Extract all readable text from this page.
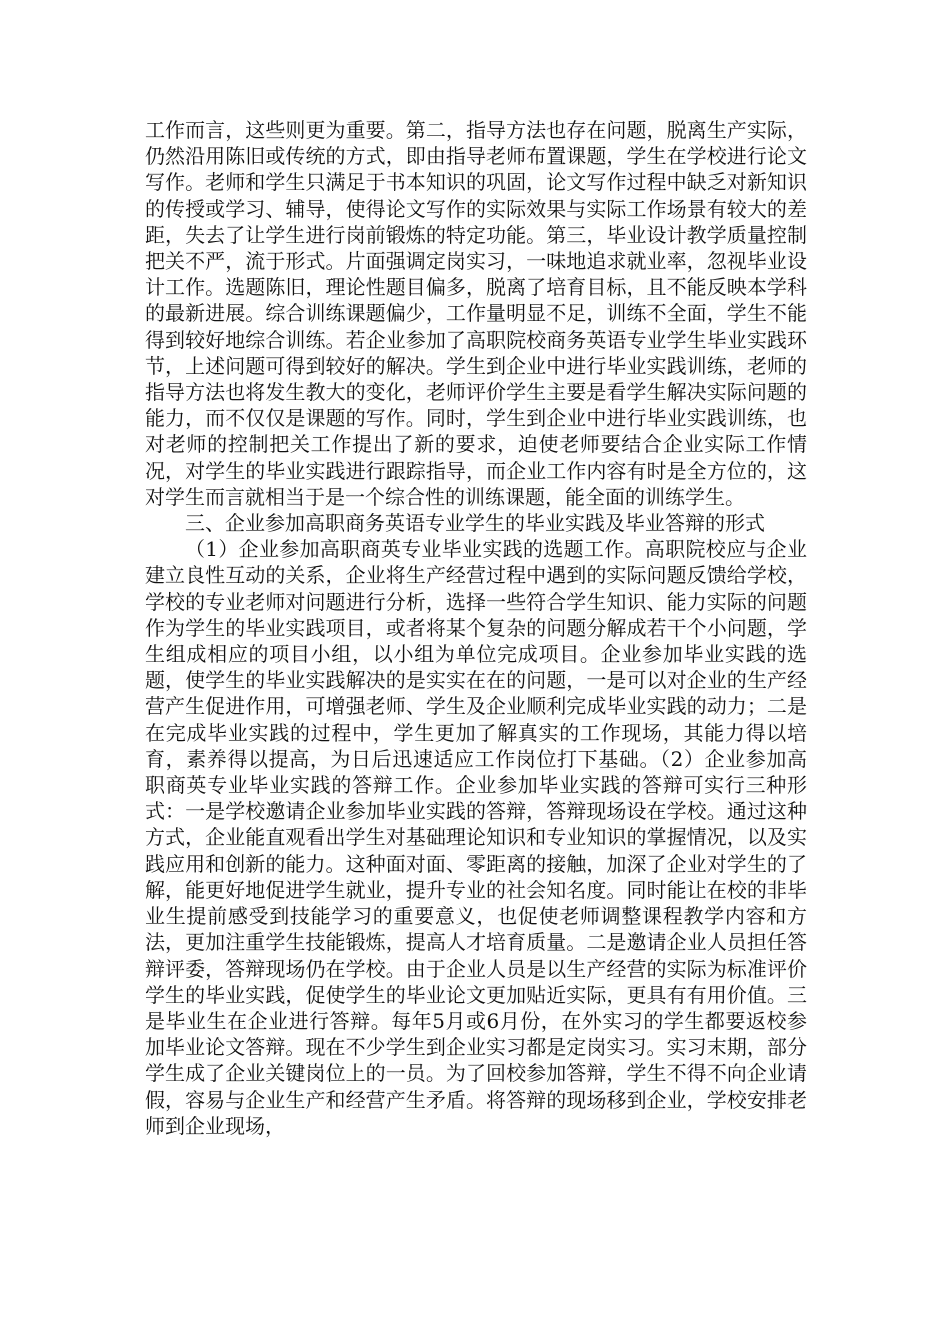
工作而言，这些则更为重要。第二，指导方法也存在问题，脱离生产实际，仍然沿用陈旧或传统的方式，即由指导老师布置课题，学生在学校进行论文写作。老师和学生只满足于书本知识的巩固，论文写作过程中缺乏对新知识的传授或学习、辅导，使得论文写作的实际效果与实际工作场景有较大的差距，失去了让学生进行岗前锻炼的特定功能。第三，毕业设计教学质量控制把关不严，流于形式。片面强调定岗实习，一味地追求就业率，忽视毕业设计工作。选题陈旧，理论性题目偏多，脱离了培育目标，且不能反映本学科的最新进展。综合训练课题偏少，工作量明显不足，训练不全面，学生不能得到较好地综合训练。若企业参加了高职院校商务英语专业学生毕业实践环节，上述问题可得到较好的解决。学生到企业中进行毕业实践训练，老师的指导方法也将发生教大的变化，老师评价学生主要是看学生解决实际问题的能力，而不仅仅是课题的写作。同时，学生到企业中进行毕业实践训练，也对老师的控制把关工作提出了新的要求，迫使老师要结合企业实际工作情况，对学生的毕业实践进行跟踪指导，而企业工作内容有时是全方位的，这对学生而言就相当于是一个综合性的训练课题，能全面的训练学生。

三、企业参加高职商务英语专业学生的毕业实践及毕业答辩的形式

（1）企业参加高职商英专业毕业实践的选题工作。高职院校应与企业建立良性互动的关系，企业将生产经营过程中遇到的实际问题反馈给学校，学校的专业老师对问题进行分析，选择一些符合学生知识、能力实际的问题作为学生的毕业实践项目，或者将某个复杂的问题分解成若干个小问题，学生组成相应的项目小组，以小组为单位完成项目。企业参加毕业实践的选题，使学生的毕业实践解决的是实实在在的问题，一是可以对企业的生产经营产生促进作用，可增强老师、学生及企业顺利完成毕业实践的动力；二是在完成毕业实践的过程中，学生更加了解真实的工作现场，其能力得以培育，素养得以提高，为日后迅速适应工作岗位打下基础。（2）企业参加高职商英专业毕业实践的答辩工作。企业参加毕业实践的答辩可实行三种形式：一是学校邀请企业参加毕业实践的答辩，答辩现场设在学校。通过这种方式，企业能直观看出学生对基础理论知识和专业知识的掌握情况，以及实践应用和创新的能力。这种面对面、零距离的接触，加深了企业对学生的了解，能更好地促进学生就业，提升专业的社会知名度。同时能让在校的非毕业生提前感受到技能学习的重要意义，也促使老师调整课程教学内容和方法，更加注重学生技能锻炼，提高人才培育质量。二是邀请企业人员担任答辩评委，答辩现场仍在学校。由于企业人员是以生产经营的实际为标准评价学生的毕业实践，促使学生的毕业论文更加贴近实际，更具有有用价值。三是毕业生在企业进行答辩。每年5月或6月份，在外实习的学生都要返校参加毕业论文答辩。现在不少学生到企业实习都是定岗实习。实习末期，部分学生成了企业关键岗位上的一员。为了回校参加答辩，学生不得不向企业请假，容易与企业生产和经营产生矛盾。将答辩的现场移到企业，学校安排老师到企业现场，
